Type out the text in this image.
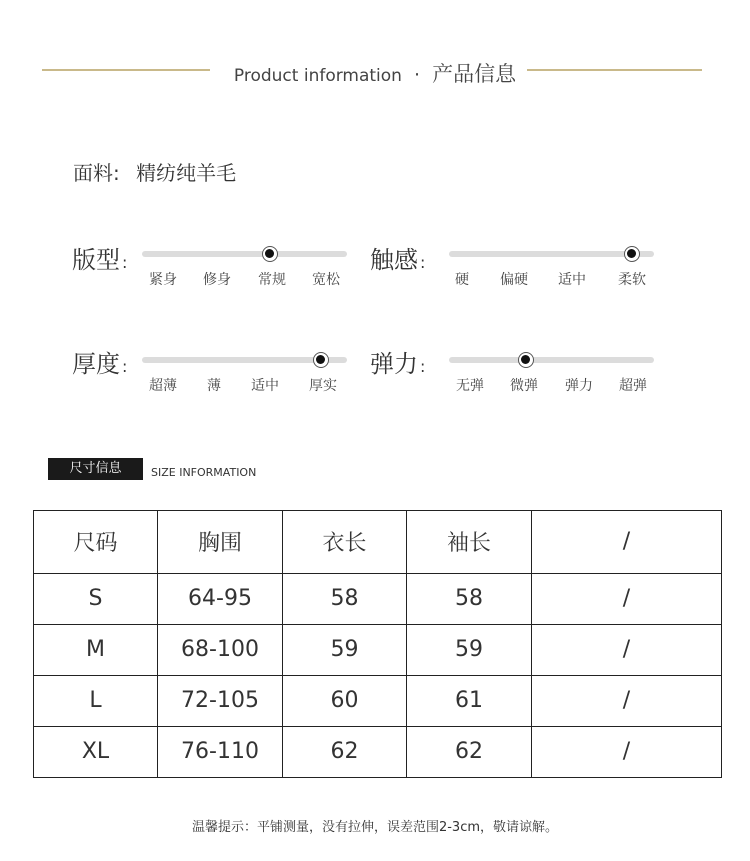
Product information · 产品信息
面料: 精纺纯羊毛
版型 :
紧身	修身	常规	宽松
触感 :
硬	偏硬	适中	柔软
厚度 :
超薄	薄	适中	厚实
弹力 :
无弹	微弹	弹力	超弹
尺寸信息	SIZE INFORMATION
尺码	胸围	衣长	袖长	/
S	64-95	58	58	/
M	68-100	59	59	/
L	72-105	60	61	/
XL	76-110	62	62	/
温馨提示：平铺测量，没有拉伸，误差范围2-3cm，敬请谅解。
